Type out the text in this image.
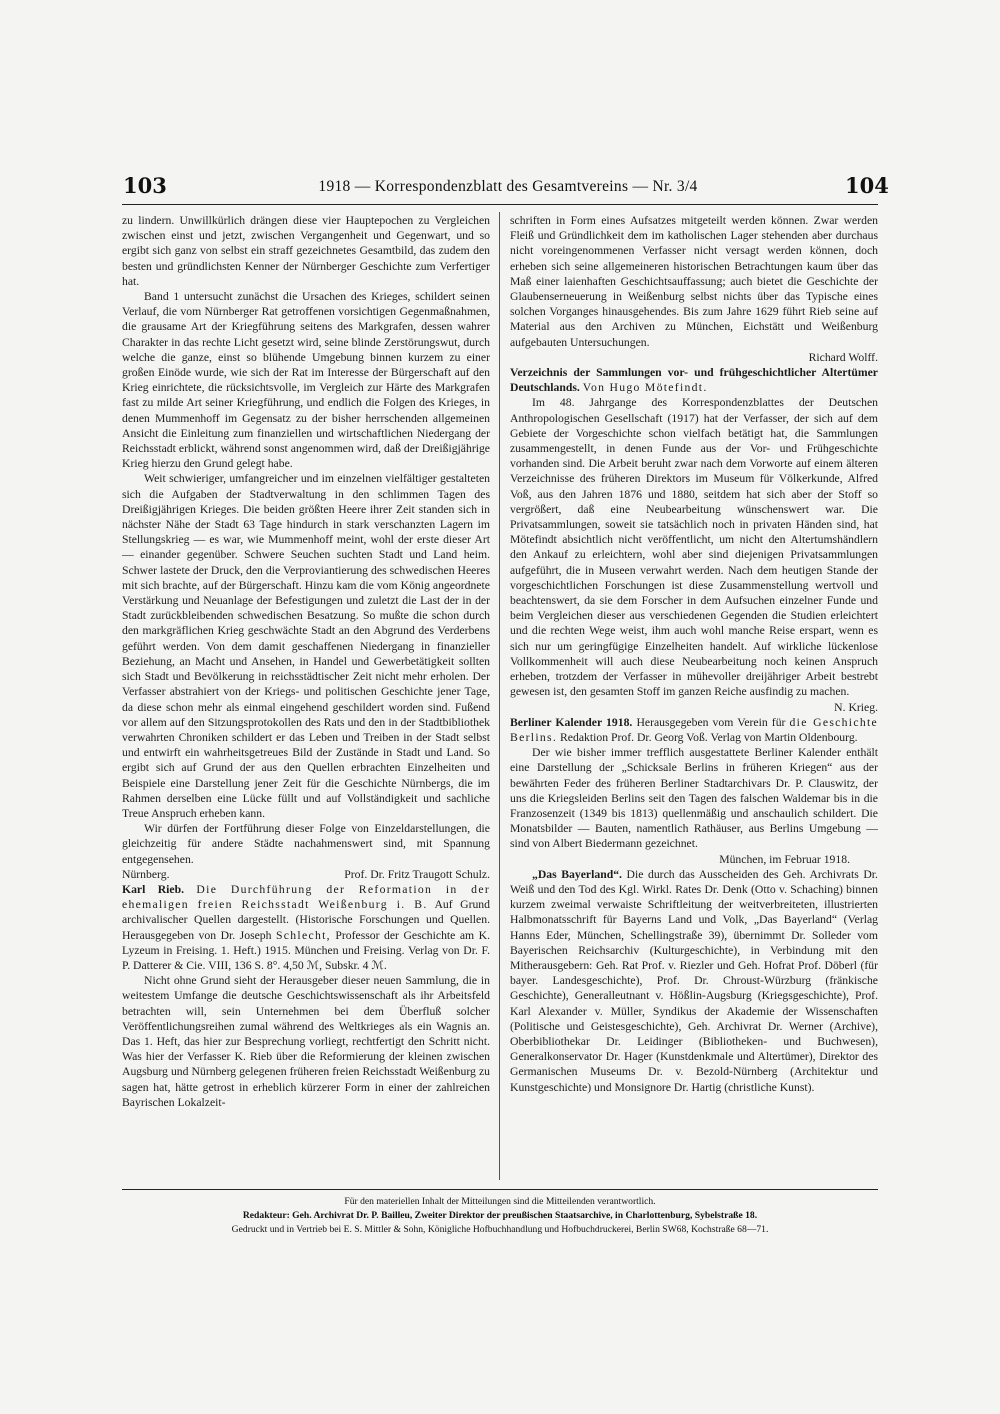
103	1918 — Korrespondenzblatt des Gesamtvereins — Nr. 3/4	104

zu lindern. Unwillkürlich drängen diese vier Hauptepochen zu Vergleichen zwischen einst und jetzt, zwischen Vergangenheit und Gegenwart, und so ergibt sich ganz von selbst ein straff gezeichnetes Gesamtbild, das zudem den besten und gründlichsten Kenner der Nürnberger Geschichte zum Verfertiger hat.

Band 1 untersucht zunächst die Ursachen des Krieges, schildert seinen Verlauf, die vom Nürnberger Rat getroffenen vorsichtigen Gegenmaßnahmen, die grausame Art der Kriegführung seitens des Markgrafen, dessen wahrer Charakter in das rechte Licht gesetzt wird, seine blinde Zerstörungswut, durch welche die ganze, einst so blühende Umgebung binnen kurzem zu einer großen Einöde wurde, wie sich der Rat im Interesse der Bürgerschaft auf den Krieg einrichtete, die rücksichtsvolle, im Vergleich zur Härte des Markgrafen fast zu milde Art seiner Kriegführung, und endlich die Folgen des Krieges, in denen Mummenhoff im Gegensatz zu der bisher herrschenden allgemeinen Ansicht die Einleitung zum finanziellen und wirtschaftlichen Niedergang der Reichsstadt erblickt, während sonst angenommen wird, daß der Dreißigjährige Krieg hierzu den Grund gelegt habe.

Weit schwieriger, umfangreicher und im einzelnen vielfältiger gestalteten sich die Aufgaben der Stadtverwaltung in den schlimmen Tagen des Dreißigjährigen Krieges. Die beiden größten Heere ihrer Zeit standen sich in nächster Nähe der Stadt 63 Tage hindurch in stark verschanzten Lagern im Stellungskrieg — es war, wie Mummenhoff meint, wohl der erste dieser Art — einander gegenüber. Schwere Seuchen suchten Stadt und Land heim. Schwer lastete der Druck, den die Verproviantierung des schwedischen Heeres mit sich brachte, auf der Bürgerschaft. Hinzu kam die vom König angeordnete Verstärkung und Neuanlage der Befestigungen und zuletzt die Last der in der Stadt zurückbleibenden schwedischen Besatzung. So mußte die schon durch den markgräflichen Krieg geschwächte Stadt an den Abgrund des Verderbens geführt werden. Von dem damit geschaffenen Niedergang in finanzieller Beziehung, an Macht und Ansehen, in Handel und Gewerbetätigkeit sollten sich Stadt und Bevölkerung in reichsstädtischer Zeit nicht mehr erholen. Der Verfasser abstrahiert von der Kriegs- und politischen Geschichte jener Tage, da diese schon mehr als einmal eingehend geschildert worden sind. Fußend vor allem auf den Sitzungsprotokollen des Rats und den in der Stadtbibliothek verwahrten Chroniken schildert er das Leben und Treiben in der Stadt selbst und entwirft ein wahrheitsgetreues Bild der Zustände in Stadt und Land. So ergibt sich auf Grund der aus den Quellen erbrachten Einzelheiten und Beispiele eine Darstellung jener Zeit für die Geschichte Nürnbergs, die im Rahmen derselben eine Lücke füllt und auf Vollständigkeit und sachliche Treue Anspruch erheben kann.

Wir dürfen der Fortführung dieser Folge von Einzeldarstellungen, die gleichzeitig für andere Städte nachahmenswert sind, mit Spannung entgegensehen.

Nürnberg.	Prof. Dr. Fritz Traugott Schulz.

Karl Rieb. Die Durchführung der Reformation in der ehemaligen freien Reichsstadt Weißenburg i. B. Auf Grund archivalischer Quellen dargestellt. (Historische Forschungen und Quellen. Herausgegeben von Dr. Joseph Schlecht, Professor der Geschichte am K. Lyzeum in Freising. 1. Heft.) 1915. München und Freising. Verlag von Dr. F. P. Datterer & Cie. VIII, 136 S. 8°. 4,50 ℳ, Subskr. 4 ℳ.

Nicht ohne Grund sieht der Herausgeber dieser neuen Sammlung, die in weitestem Umfange die deutsche Geschichtswissenschaft als ihr Arbeitsfeld betrachten will, sein Unternehmen bei dem Überfluß solcher Veröffentlichungsreihen zumal während des Weltkrieges als ein Wagnis an. Das 1. Heft, das hier zur Besprechung vorliegt, rechtfertigt den Schritt nicht. Was hier der Verfasser K. Rieb über die Reformierung der kleinen zwischen Augsburg und Nürnberg gelegenen früheren freien Reichsstadt Weißenburg zu sagen hat, hätte getrost in erheblich kürzerer Form in einer der zahlreichen Bayrischen Lokalzeit-

schriften in Form eines Aufsatzes mitgeteilt werden können. Zwar werden Fleiß und Gründlichkeit dem im katholischen Lager stehenden aber durchaus nicht voreingenommenen Verfasser nicht versagt werden können, doch erheben sich seine allgemeineren historischen Betrachtungen kaum über das Maß einer laienhaften Geschichtsauffassung; auch bietet die Geschichte der Glaubenserneuerung in Weißenburg selbst nichts über das Typische eines solchen Vorganges hinausgehendes. Bis zum Jahre 1629 führt Rieb seine auf Material aus den Archiven zu München, Eichstätt und Weißenburg aufgebauten Untersuchungen.

Richard Wolff.

Verzeichnis der Sammlungen vor- und frühgeschichtlicher Altertümer Deutschlands. Von Hugo Mötefindt.

Im 48. Jahrgange des Korrespondenzblattes der Deutschen Anthropologischen Gesellschaft (1917) hat der Verfasser, der sich auf dem Gebiete der Vorgeschichte schon vielfach betätigt hat, die Sammlungen zusammengestellt, in denen Funde aus der Vor- und Frühgeschichte vorhanden sind. Die Arbeit beruht zwar nach dem Vorworte auf einem älteren Verzeichnisse des früheren Direktors im Museum für Völkerkunde, Alfred Voß, aus den Jahren 1876 und 1880, seitdem hat sich aber der Stoff so vergrößert, daß eine Neubearbeitung wünschenswert war. Die Privatsammlungen, soweit sie tatsächlich noch in privaten Händen sind, hat Mötefindt absichtlich nicht veröffentlicht, um nicht den Altertumshändlern den Ankauf zu erleichtern, wohl aber sind diejenigen Privatsammlungen aufgeführt, die in Museen verwahrt werden. Nach dem heutigen Stande der vorgeschichtlichen Forschungen ist diese Zusammenstellung wertvoll und beachtenswert, da sie dem Forscher in dem Aufsuchen einzelner Funde und beim Vergleichen dieser aus verschiedenen Gegenden die Studien erleichtert und die rechten Wege weist, ihm auch wohl manche Reise erspart, wenn es sich nur um geringfügige Einzelheiten handelt. Auf wirkliche lückenlose Vollkommenheit will auch diese Neubearbeitung noch keinen Anspruch erheben, trotzdem der Verfasser in mühevoller dreijähriger Arbeit bestrebt gewesen ist, den gesamten Stoff im ganzen Reiche ausfindig zu machen.

N. Krieg.

Berliner Kalender 1918. Herausgegeben vom Verein für die Geschichte Berlins. Redaktion Prof. Dr. Georg Voß. Verlag von Martin Oldenbourg.

Der wie bisher immer trefflich ausgestattete Berliner Kalender enthält eine Darstellung der „Schicksale Berlins in früheren Kriegen“ aus der bewährten Feder des früheren Berliner Stadtarchivars Dr. P. Clauswitz, der uns die Kriegsleiden Berlins seit den Tagen des falschen Waldemar bis in die Franzosenzeit (1349 bis 1813) quellenmäßig und anschaulich schildert. Die Monatsbilder — Bauten, namentlich Rathäuser, aus Berlins Umgebung — sind von Albert Biedermann gezeichnet.

München, im Februar 1918.

„Das Bayerland“. Die durch das Ausscheiden des Geh. Archivrats Dr. Weiß und den Tod des Kgl. Wirkl. Rates Dr. Denk (Otto v. Schaching) binnen kurzem zweimal verwaiste Schriftleitung der weitverbreiteten, illustrierten Halbmonatsschrift für Bayerns Land und Volk, „Das Bayerland“ (Verlag Hanns Eder, München, Schellingstraße 39), übernimmt Dr. Solleder vom Bayerischen Reichsarchiv (Kulturgeschichte), in Verbindung mit den Mitherausgebern: Geh. Rat Prof. v. Riezler und Geh. Hofrat Prof. Döberl (für bayer. Landesgeschichte), Prof. Dr. Chroust-Würzburg (fränkische Geschichte), Generalleutnant v. Hößlin-Augsburg (Kriegsgeschichte), Prof. Karl Alexander v. Müller, Syndikus der Akademie der Wissenschaften (Politische und Geistesgeschichte), Geh. Archivrat Dr. Werner (Archive), Oberbibliothekar Dr. Leidinger (Bibliotheken- und Buchwesen), Generalkonservator Dr. Hager (Kunstdenkmale und Altertümer), Direktor des Germanischen Museums Dr. v. Bezold-Nürnberg (Architektur und Kunstgeschichte) und Monsignore Dr. Hartig (christliche Kunst).

Für den materiellen Inhalt der Mitteilungen sind die Mitteilenden verantwortlich.
Redakteur: Geh. Archivrat Dr. P. Bailleu, Zweiter Direktor der preußischen Staatsarchive, in Charlottenburg, Sybelstraße 18.
Gedruckt und in Vertrieb bei E. S. Mittler & Sohn, Königliche Hofbuchhandlung und Hofbuchdruckerei, Berlin SW68, Kochstraße 68—71.
